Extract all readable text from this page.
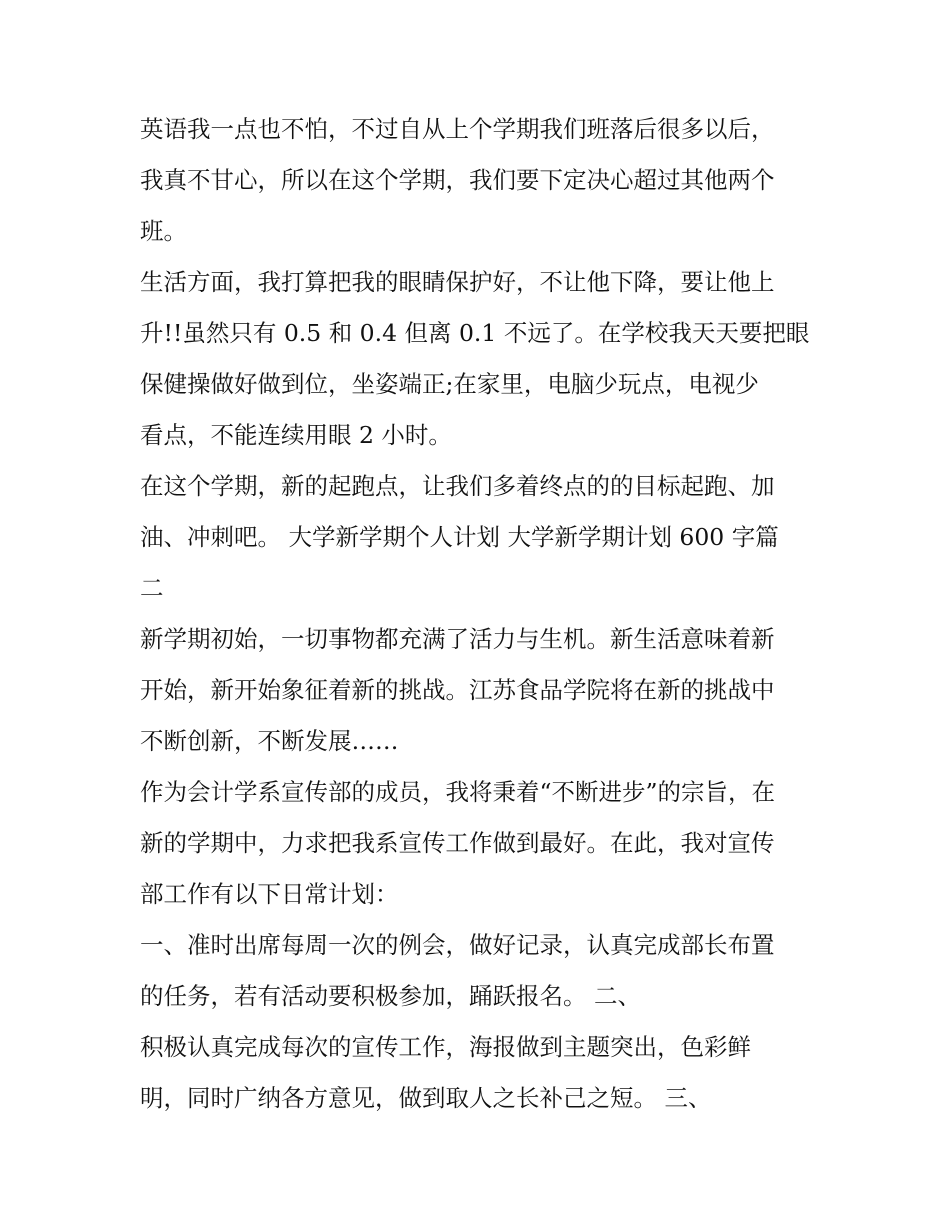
英语我一点也不怕，不过自从上个学期我们班落后很多以后，
我真不甘心，所以在这个学期，我们要下定决心超过其他两个
班。
生活方面，我打算把我的眼睛保护好，不让他下降，要让他上
升!!虽然只有 0.5 和 0.4 但离 0.1 不远了。在学校我天天要把眼
保健操做好做到位，坐姿端正;在家里，电脑少玩点，电视少
看点，不能连续用眼 2 小时。
在这个学期，新的起跑点，让我们多着终点的的目标起跑、加
油、冲刺吧。 大学新学期个人计划 大学新学期计划 600 字篇
二
新学期初始，一切事物都充满了活力与生机。新生活意味着新
开始，新开始象征着新的挑战。江苏食品学院将在新的挑战中
不断创新，不断发展……
作为会计学系宣传部的成员，我将秉着“不断进步”的宗旨，在
新的学期中，力求把我系宣传工作做到最好。在此，我对宣传
部工作有以下日常计划：
一、准时出席每周一次的例会，做好记录，认真完成部长布置
的任务，若有活动要积极参加，踊跃报名。 二、
积极认真完成每次的宣传工作，海报做到主题突出，色彩鲜
明，同时广纳各方意见，做到取人之长补己之短。 三、
